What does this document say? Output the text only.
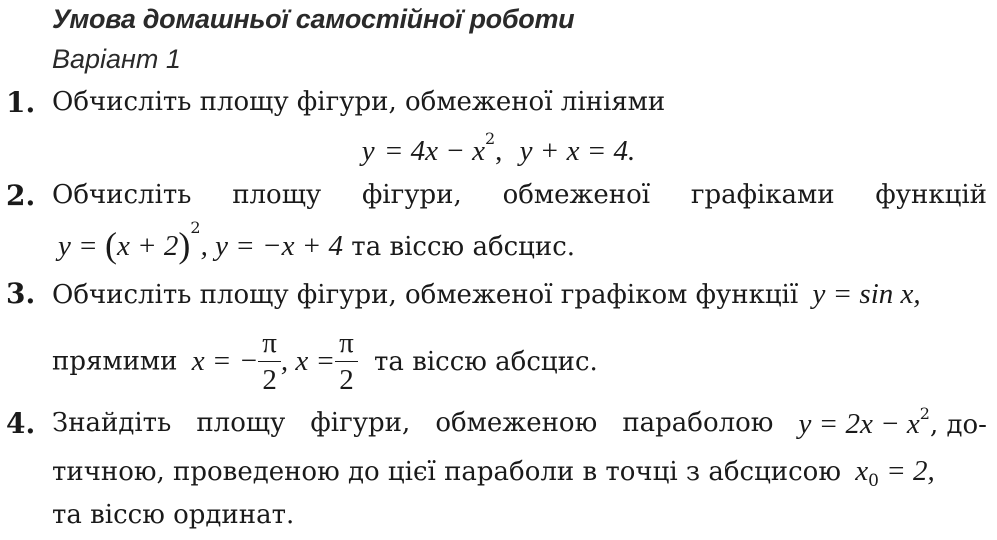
Умова домашньої самостійної роботи
Варіант 1
1. Обчисліть площу фігури, обмеженої лініями
$y = 4x - x^2$, y + x = 4.
2. Обчисліть площу фігури, обмеженої графіками функцій
$y = (x + 2)^2$, y = −x + 4 та віссю абсцис.
3. Обчисліть площу фігури, обмеженої графіком функції y = sin x,
прямими x = − $\frac{\pi}{2}$ , $x = \frac{\pi}{2}$ та віссю абсцис.
4. Знайдіть площу фігури, обмеженою параболою $y = 2x - x^2$, до-
тичною, проведеною до цієї параболи в точці з абсцисою $x_0 = 2$,
та віссю ординат.
